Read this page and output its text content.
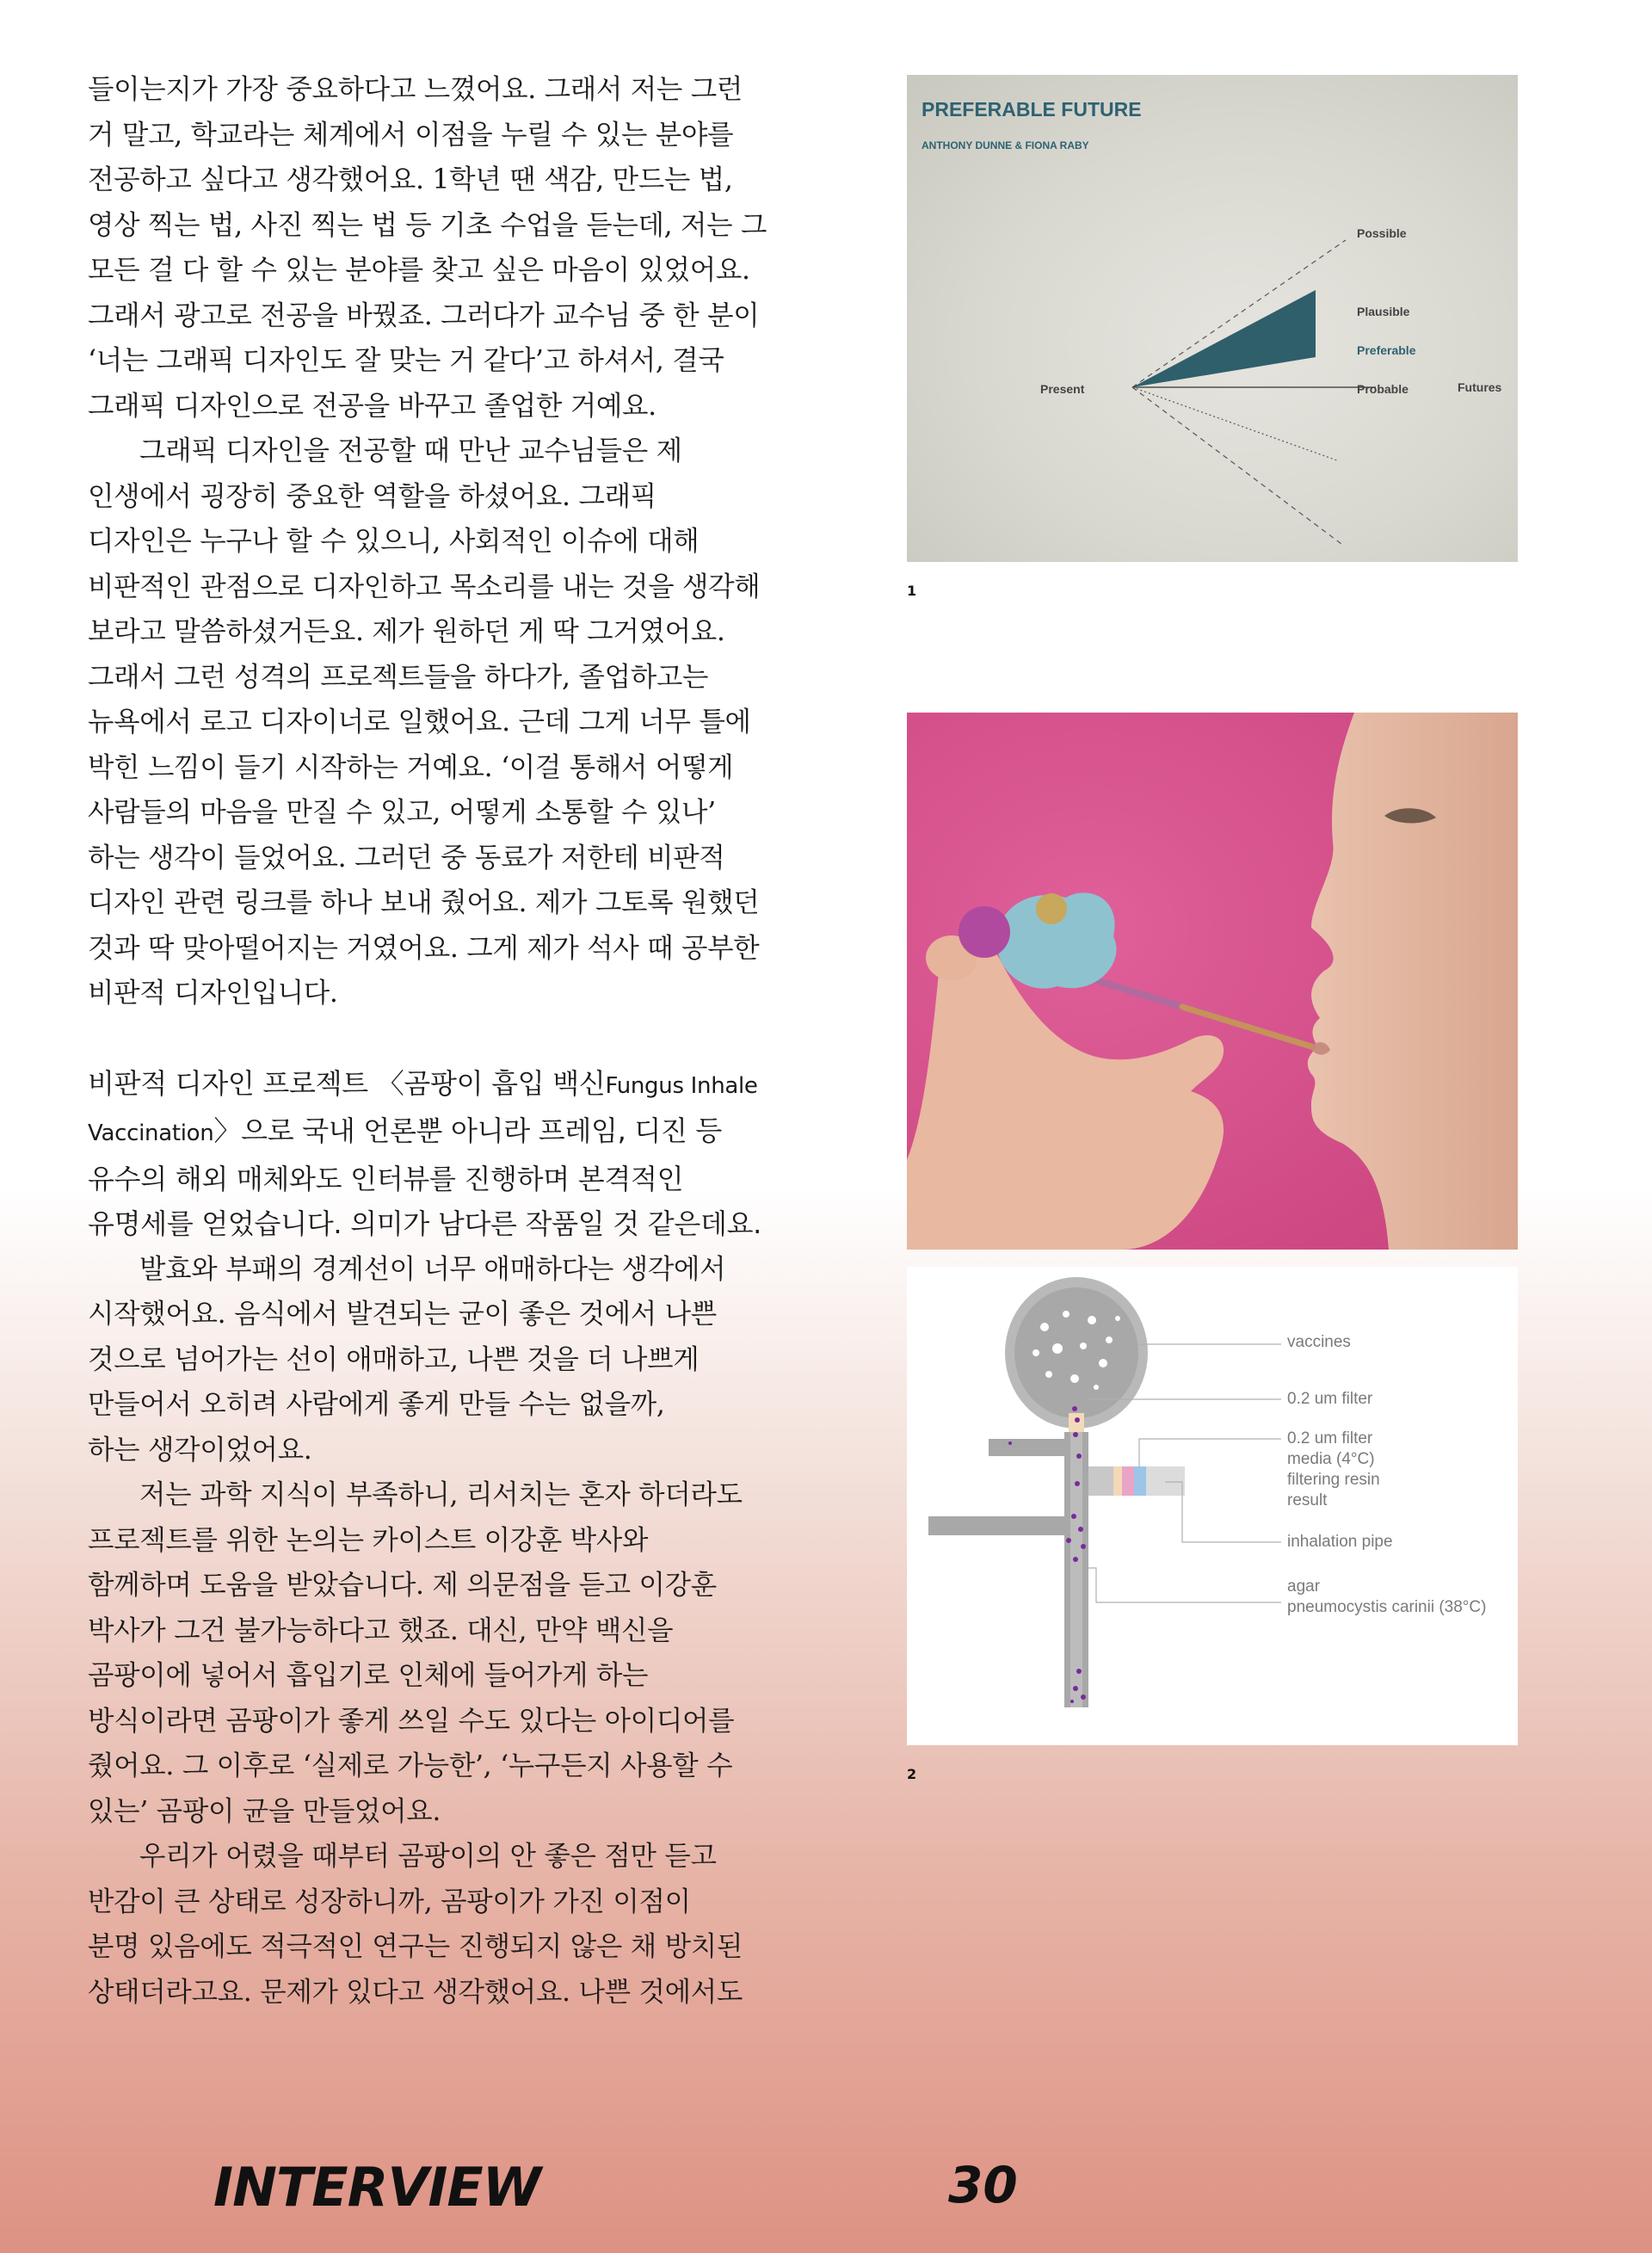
들이는지가 가장 중요하다고 느꼈어요. 그래서 저는 그런
거 말고, 학교라는 체계에서 이점을 누릴 수 있는 분야를
전공하고 싶다고 생각했어요. 1학년 땐 색감, 만드는 법,
영상 찍는 법, 사진 찍는 법 등 기초 수업을 듣는데, 저는 그
모든 걸 다 할 수 있는 분야를 찾고 싶은 마음이 있었어요.
그래서 광고로 전공을 바꿨죠. 그러다가 교수님 중 한 분이
‘너는 그래픽 디자인도 잘 맞는 거 같다’고 하셔서, 결국
그래픽 디자인으로 전공을 바꾸고 졸업한 거예요.

그래픽 디자인을 전공할 때 만난 교수님들은 제
인생에서 굉장히 중요한 역할을 하셨어요. 그래픽
디자인은 누구나 할 수 있으니, 사회적인 이슈에 대해
비판적인 관점으로 디자인하고 목소리를 내는 것을 생각해
보라고 말씀하셨거든요. 제가 원하던 게 딱 그거였어요.
그래서 그런 성격의 프로젝트들을 하다가, 졸업하고는
뉴욕에서 로고 디자이너로 일했어요. 근데 그게 너무 틀에
박힌 느낌이 들기 시작하는 거예요. ‘이걸 통해서 어떻게
사람들의 마음을 만질 수 있고, 어떻게 소통할 수 있나’
하는 생각이 들었어요. 그러던 중 동료가 저한테 비판적
디자인 관련 링크를 하나 보내 줬어요. 제가 그토록 원했던
것과 딱 맞아떨어지는 거였어요. 그게 제가 석사 때 공부한
비판적 디자인입니다.

비판적 디자인 프로젝트 〈곰팡이 흡입 백신Fungus Inhale
Vaccination〉으로 국내 언론뿐 아니라 프레임, 디진 등
유수의 해외 매체와도 인터뷰를 진행하며 본격적인
유명세를 얻었습니다. 의미가 남다른 작품일 것 같은데요.

발효와 부패의 경계선이 너무 애매하다는 생각에서
시작했어요. 음식에서 발견되는 균이 좋은 것에서 나쁜
것으로 넘어가는 선이 애매하고, 나쁜 것을 더 나쁘게
만들어서 오히려 사람에게 좋게 만들 수는 없을까,
하는 생각이었어요.

저는 과학 지식이 부족하니, 리서치는 혼자 하더라도
프로젝트를 위한 논의는 카이스트 이강훈 박사와
함께하며 도움을 받았습니다. 제 의문점을 듣고 이강훈
박사가 그건 불가능하다고 했죠. 대신, 만약 백신을
곰팡이에 넣어서 흡입기로 인체에 들어가게 하는
방식이라면 곰팡이가 좋게 쓰일 수도 있다는 아이디어를
줬어요. 그 이후로 ‘실제로 가능한’, ‘누구든지 사용할 수
있는’ 곰팡이 균을 만들었어요.

우리가 어렸을 때부터 곰팡이의 안 좋은 점만 듣고
반감이 큰 상태로 성장하니까, 곰팡이가 가진 이점이
분명 있음에도 적극적인 연구는 진행되지 않은 채 방치된
상태더라고요. 문제가 있다고 생각했어요. 나쁜 것에서도

PREFERABLE FUTURE
ANTHONY DUNNE & FIONA RABY
Present
Possible
Plausible
Preferable
Probable	Futures
1
vaccines
0.2 um filter
0.2 um filter
media (4°C)
filtering resin
result
inhalation pipe
agar
pneumocystis carinii (38°C)
2
INTERVIEW	30
